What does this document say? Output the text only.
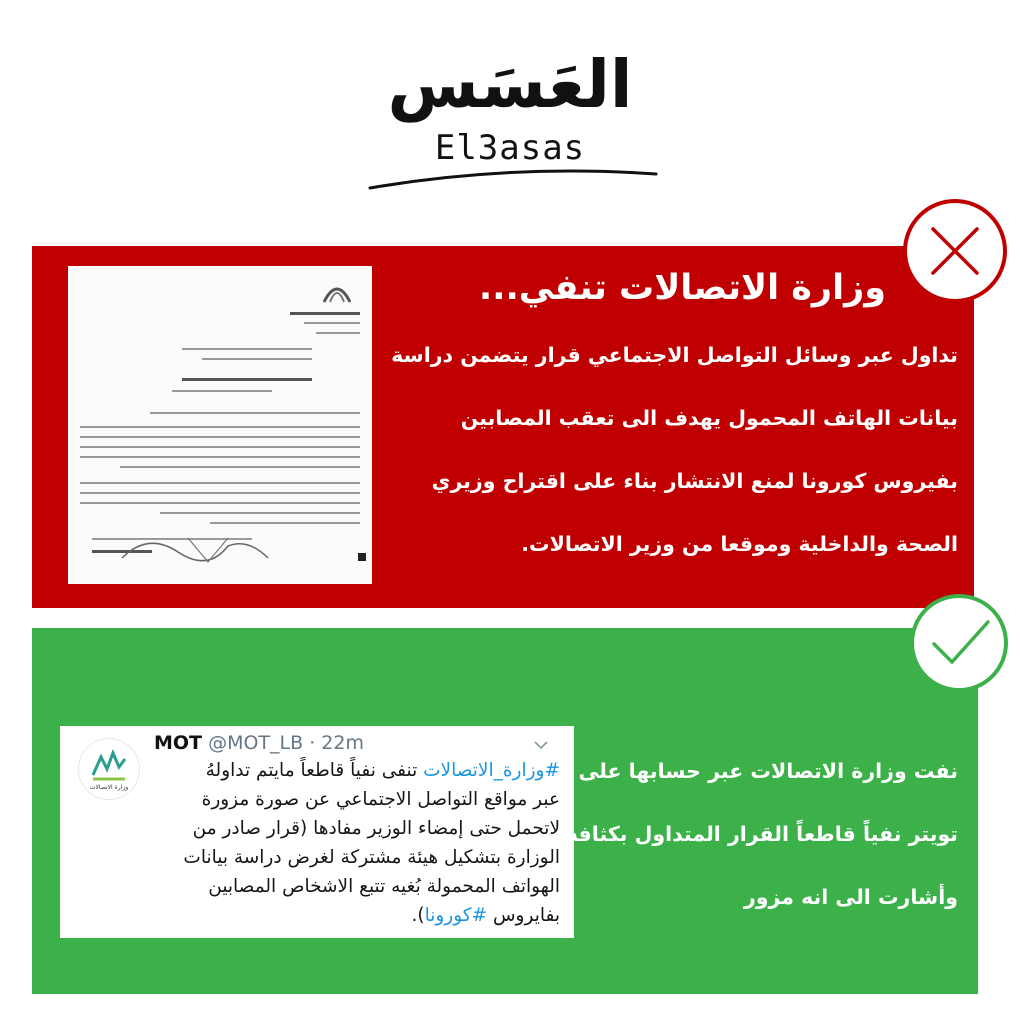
العَسَس
El3asas
وزارة الاتصالات تنفي...
تداول عبر وسائل التواصل الاجتماعي قرار يتضمن دراسة
بيانات الهاتف المحمول يهدف الى تعقب المصابين
بفيروس كورونا لمنع الانتشار بناء على اقتراح وزيري
الصحة والداخلية وموقعا من وزير الاتصالات.
وزارة الاتصالات
MOT @MOT_LB · 22m
#وزارة_الاتصالات تنفى نفياً قاطعاً مايتم تداولهُ
عبر مواقع التواصل الاجتماعي عن صورة مزورة
لاتحمل حتى إمضاء الوزير مفادها (قرار صادر من
الوزارة بتشكيل هيئة مشتركة لغرض دراسة بيانات
الهواتف المحمولة بُغيه تتبع الاشخاص المصابين
بفايروس #كورونا).
نفت وزارة الاتصالات عبر حسابها على
تويتر نفياً قاطعاً القرار المتداول بكثافة
وأشارت الى انه مزور
